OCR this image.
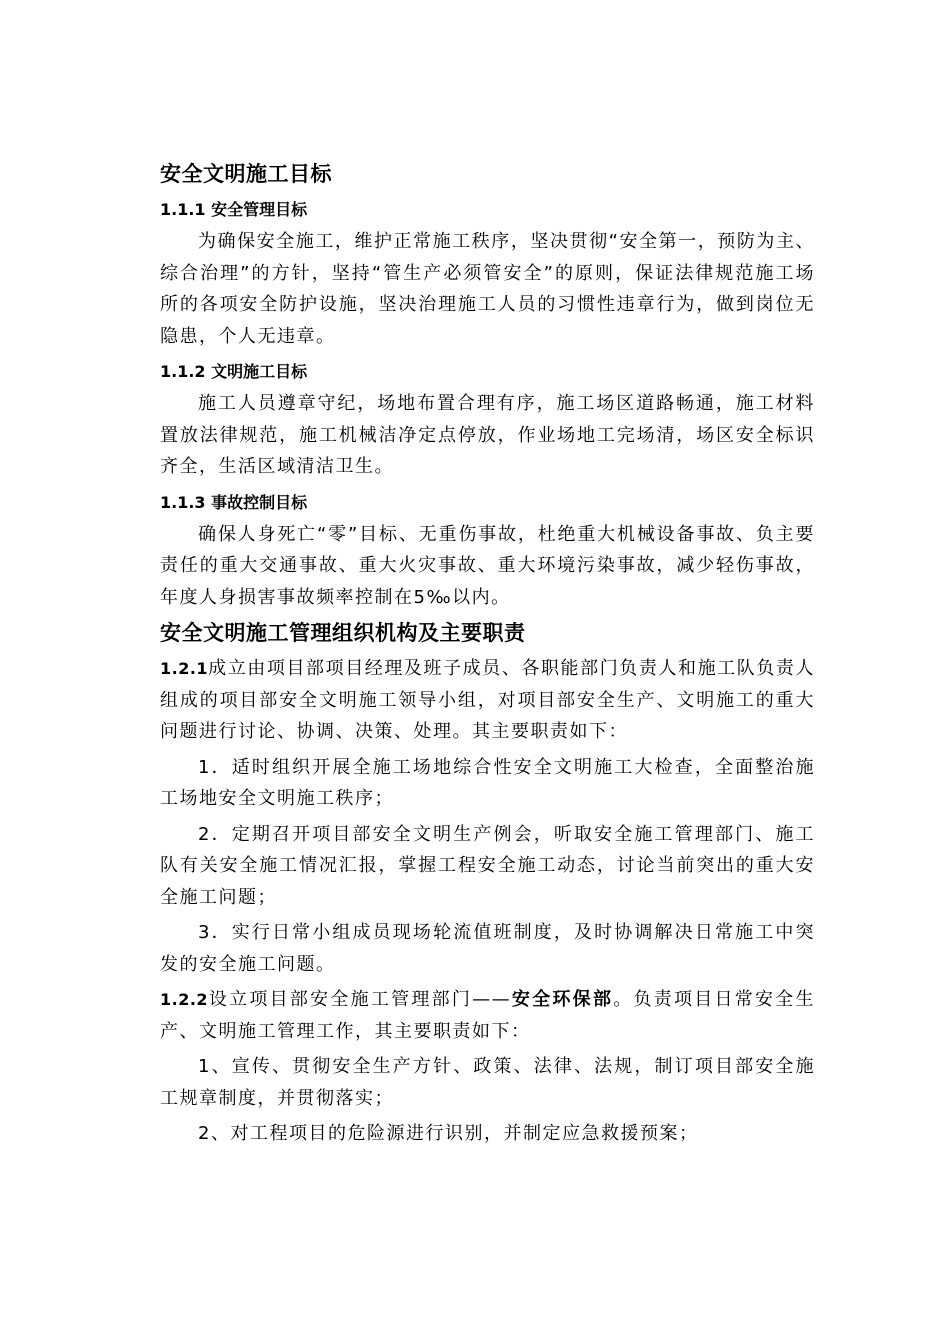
安全文明施工目标
1.1.1 安全管理目标
为确保安全施工，维护正常施工秩序，坚决贯彻“安全第一，预防为主、综合治理”的方针，坚持“管生产必须管安全”的原则，保证法律规范施工场所的各项安全防护设施，坚决治理施工人员的习惯性违章行为，做到岗位无隐患，个人无违章。
1.1.2 文明施工目标
施工人员遵章守纪，场地布置合理有序，施工场区道路畅通，施工材料置放法律规范，施工机械洁净定点停放，作业场地工完场清，场区安全标识齐全，生活区域清洁卫生。
1.1.3 事故控制目标
确保人身死亡“零”目标、无重伤事故，杜绝重大机械设备事故、负主要责任的重大交通事故、重大火灾事故、重大环境污染事故，减少轻伤事故，年度人身损害事故频率控制在5‰以内。
安全文明施工管理组织机构及主要职责
1.2.1成立由项目部项目经理及班子成员、各职能部门负责人和施工队负责人组成的项目部安全文明施工领导小组，对项目部安全生产、文明施工的重大问题进行讨论、协调、决策、处理。其主要职责如下：
1．适时组织开展全施工场地综合性安全文明施工大检查，全面整治施工场地安全文明施工秩序；
2．定期召开项目部安全文明生产例会，听取安全施工管理部门、施工队有关安全施工情况汇报，掌握工程安全施工动态，讨论当前突出的重大安全施工问题；
3．实行日常小组成员现场轮流值班制度，及时协调解决日常施工中突发的安全施工问题。
1.2.2设立项目部安全施工管理部门——安全环保部。负责项目日常安全生产、文明施工管理工作，其主要职责如下：
1、宣传、贯彻安全生产方针、政策、法律、法规，制订项目部安全施工规章制度，并贯彻落实；
2、对工程项目的危险源进行识别，并制定应急救援预案；
